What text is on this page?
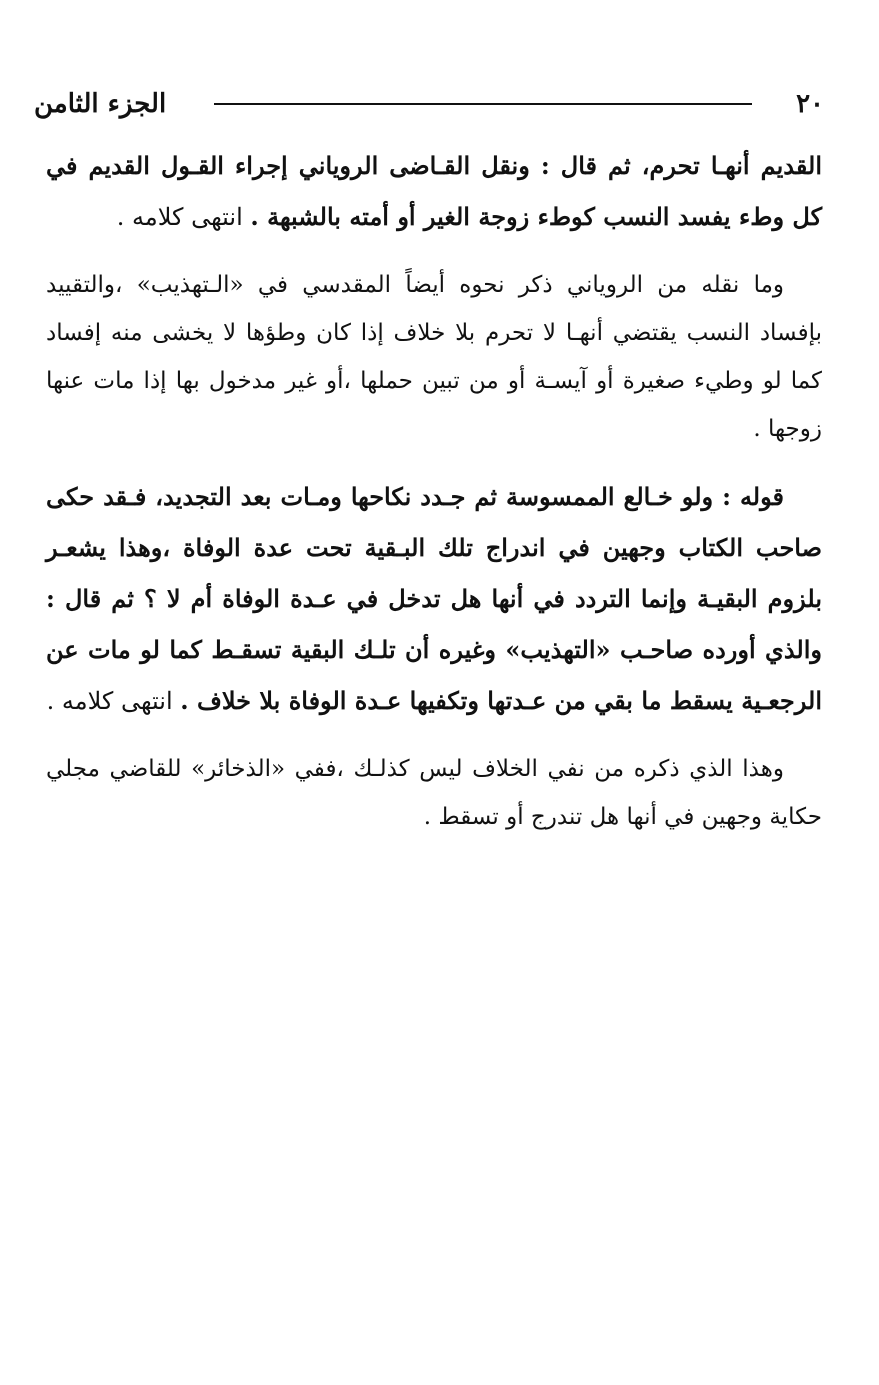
٢٠
الجزء الثامن

القديم أنهـا تحرم، ثم قال : ونقل القـاضى الروياني إجراء القـول القديم في كل وطء يفسد النسب كوطء زوجة الغير أو أمته بالشبهة . انتهى كلامه .

وما نقله من الروياني ذكر نحوه أيضاً المقدسي في «الـتهذيب» ،والتقييد بإفساد النسب يقتضي أنهـا لا تحرم بلا خلاف إذا كان وطؤها لا يخشى منه إفساد كما لو وطيء صغيرة أو آيسـة أو من تبين حملها ،أو غير مدخول بها إذا مات عنها زوجها .

قوله : ولو خـالع الممسوسة ثم جـدد نكاحها ومـات بعد التجديد، فـقد حكى صاحب الكتاب وجهين في اندراج تلك البـقية تحت عدة الوفاة ،وهذا يشعـر بلزوم البقيـة وإنما التردد في أنها هل تدخل في عـدة الوفاة أم لا ؟ ثم قال : والذي أورده صاحـب «التهذيب» وغيره أن تلـك البقية تسقـط كما لو مات عن الرجعـية يسقط ما بقي من عـدتها وتكفيها عـدة الوفاة بلا خلاف . انتهى كلامه .

وهذا الذي ذكره من نفي الخلاف ليس كذلـك ،ففي «الذخائر» للقاضي مجلي حكاية وجهين في أنها هل تندرج أو تسقط .
